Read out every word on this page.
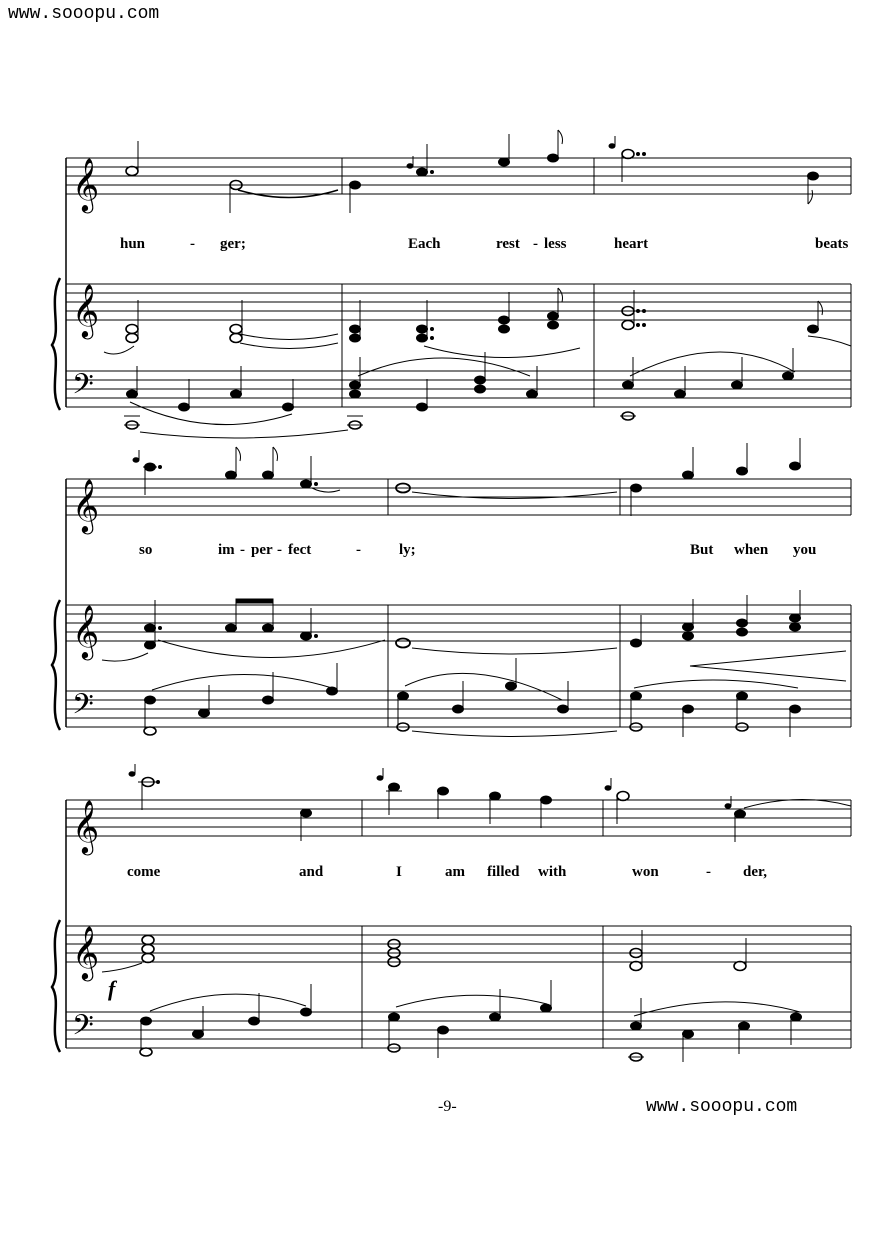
www.sooopu.com
𝄞
𝄞
𝄢
hun	- ger;	Each	rest - less	heart	beats
𝄞
𝄞
𝄢
so	im - per - fect	-	ly;	But when you
𝄞
𝄞
f
𝄢
come	and	I	am filled with	won	- der,
-9-	www.sooopu.com
